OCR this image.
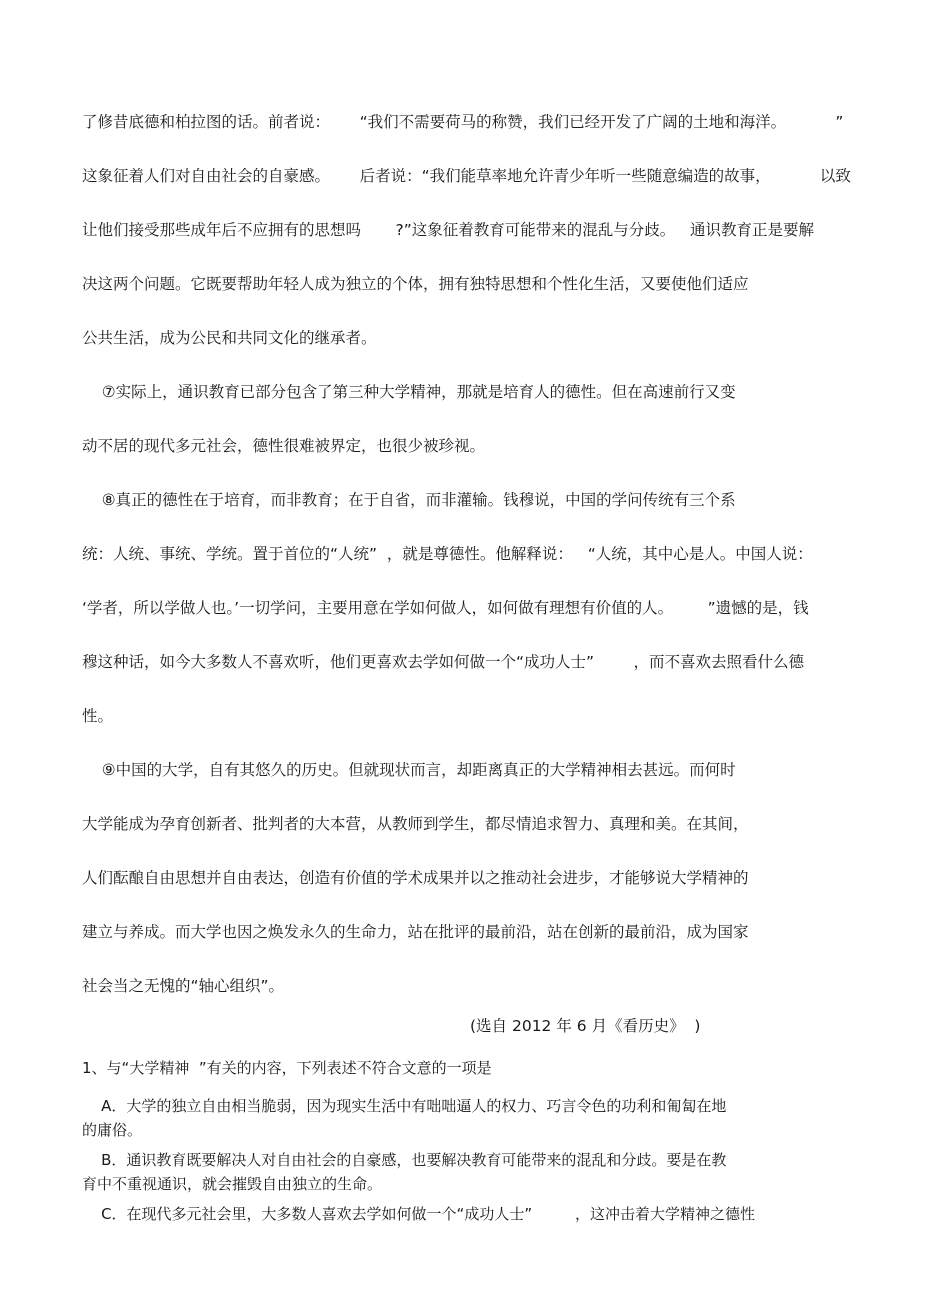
了修昔底德和柏拉图的话。前者说：      “我们不需要荷马的称赞，我们已经开发了广阔的土地和海洋。          ”

这象征着人们对自由社会的自豪感。      后者说：“我们能草率地允许青少年听一些随意编造的故事，          以致

让他们接受那些成年后不应拥有的思想吗       ?”这象征着教育可能带来的混乱与分歧。   通识教育正是要解

决这两个问题。它既要帮助年轻人成为独立的个体，拥有独特思想和个性化生活，又要使他们适应

公共生活，成为公民和共同文化的继承者。

⑦实际上，通识教育已部分包含了第三种大学精神，那就是培育人的德性。但在高速前行又变

动不居的现代多元社会，德性很难被界定，也很少被珍视。

⑧真正的德性在于培育，而非教育；在于自省，而非灌输。钱穆说，中国的学问传统有三个系

统：人统、事统、学统。置于首位的“人统”  ，就是尊德性。他解释说：   “人统，其中心是人。中国人说：

‘学者，所以学做人也。’一切学问，主要用意在学如何做人，如何做有理想有价值的人。       ”遗憾的是，钱

穆这种话，如今大多数人不喜欢听，他们更喜欢去学如何做一个“成功人士”        ，而不喜欢去照看什么德

性。

⑨中国的大学，自有其悠久的历史。但就现状而言，却距离真正的大学精神相去甚远。而何时

大学能成为孕育创新者、批判者的大本营，从教师到学生，都尽情追求智力、真理和美。在其间，

人们酝酿自由思想并自由表达，创造有价值的学术成果并以之推动社会进步，才能够说大学精神的

建立与养成。而大学也因之焕发永久的生命力，站在批评的最前沿，站在创新的最前沿，成为国家

社会当之无愧的“轴心组织”。

(选自 2012 年 6 月《看历史》  )

1、与“大学精神  ”有关的内容，下列表述不符合文意的一项是

A．大学的独立自由相当脆弱，因为现实生活中有咄咄逼人的权力、巧言令色的功利和匍匐在地

的庸俗。

B．通识教育既要解决人对自由社会的自豪感，也要解决教育可能带来的混乱和分歧。要是在教

育中不重视通识，就会摧毁自由独立的生命。

C．在现代多元社会里，大多数人喜欢去学如何做一个“成功人士”         ，这冲击着大学精神之德性
